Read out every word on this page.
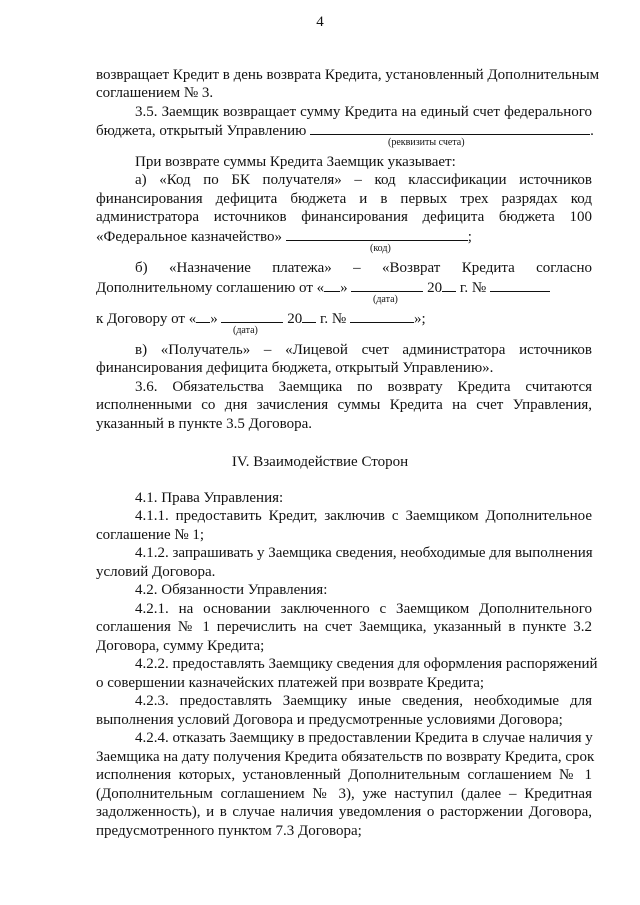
4
возвращает Кредит в день возврата Кредита, установленный Дополнительным
соглашением № 3.
3.5. Заемщик возвращает сумму Кредита на единый счет федерального
бюджета, открытый Управлению	.
(реквизиты счета)
При возврате суммы Кредита Заемщик указывает:
а) «Код по БК получателя» – код классификации источников
финансирования дефицита бюджета и в первых трех разрядах код
администратора источников финансирования дефицита бюджета 100
«Федеральное казначейство»	;
(код)
б) «Назначение платежа» – «Возврат Кредита согласно
Дополнительному соглашению от « »	20 г. №
(дата)
к Договору от « »	20 г. №	»;
(дата)
в) «Получатель» – «Лицевой счет администратора источников
финансирования дефицита бюджета, открытый Управлению».
3.6. Обязательства Заемщика по возврату Кредита считаются
исполненными со дня зачисления суммы Кредита на счет Управления,
указанный в пункте 3.5 Договора.
IV. Взаимодействие Сторон
4.1. Права Управления:
4.1.1. предоставить Кредит, заключив с Заемщиком Дополнительное
соглашение № 1;
4.1.2. запрашивать у Заемщика сведения, необходимые для выполнения
условий Договора.
4.2. Обязанности Управления:
4.2.1. на основании заключенного с Заемщиком Дополнительного
соглашения № 1 перечислить на счет Заемщика, указанный в пункте 3.2
Договора, сумму Кредита;
4.2.2. предоставлять Заемщику сведения для оформления распоряжений
о совершении казначейских платежей при возврате Кредита;
4.2.3. предоставлять Заемщику иные сведения, необходимые для
выполнения условий Договора и предусмотренные условиями Договора;
4.2.4. отказать Заемщику в предоставлении Кредита в случае наличия у
Заемщика на дату получения Кредита обязательств по возврату Кредита, срок
исполнения которых, установленный Дополнительным соглашением № 1
(Дополнительным соглашением № 3), уже наступил (далее – Кредитная
задолженность), и в случае наличия уведомления о расторжении Договора,
предусмотренного пунктом 7.3 Договора;
